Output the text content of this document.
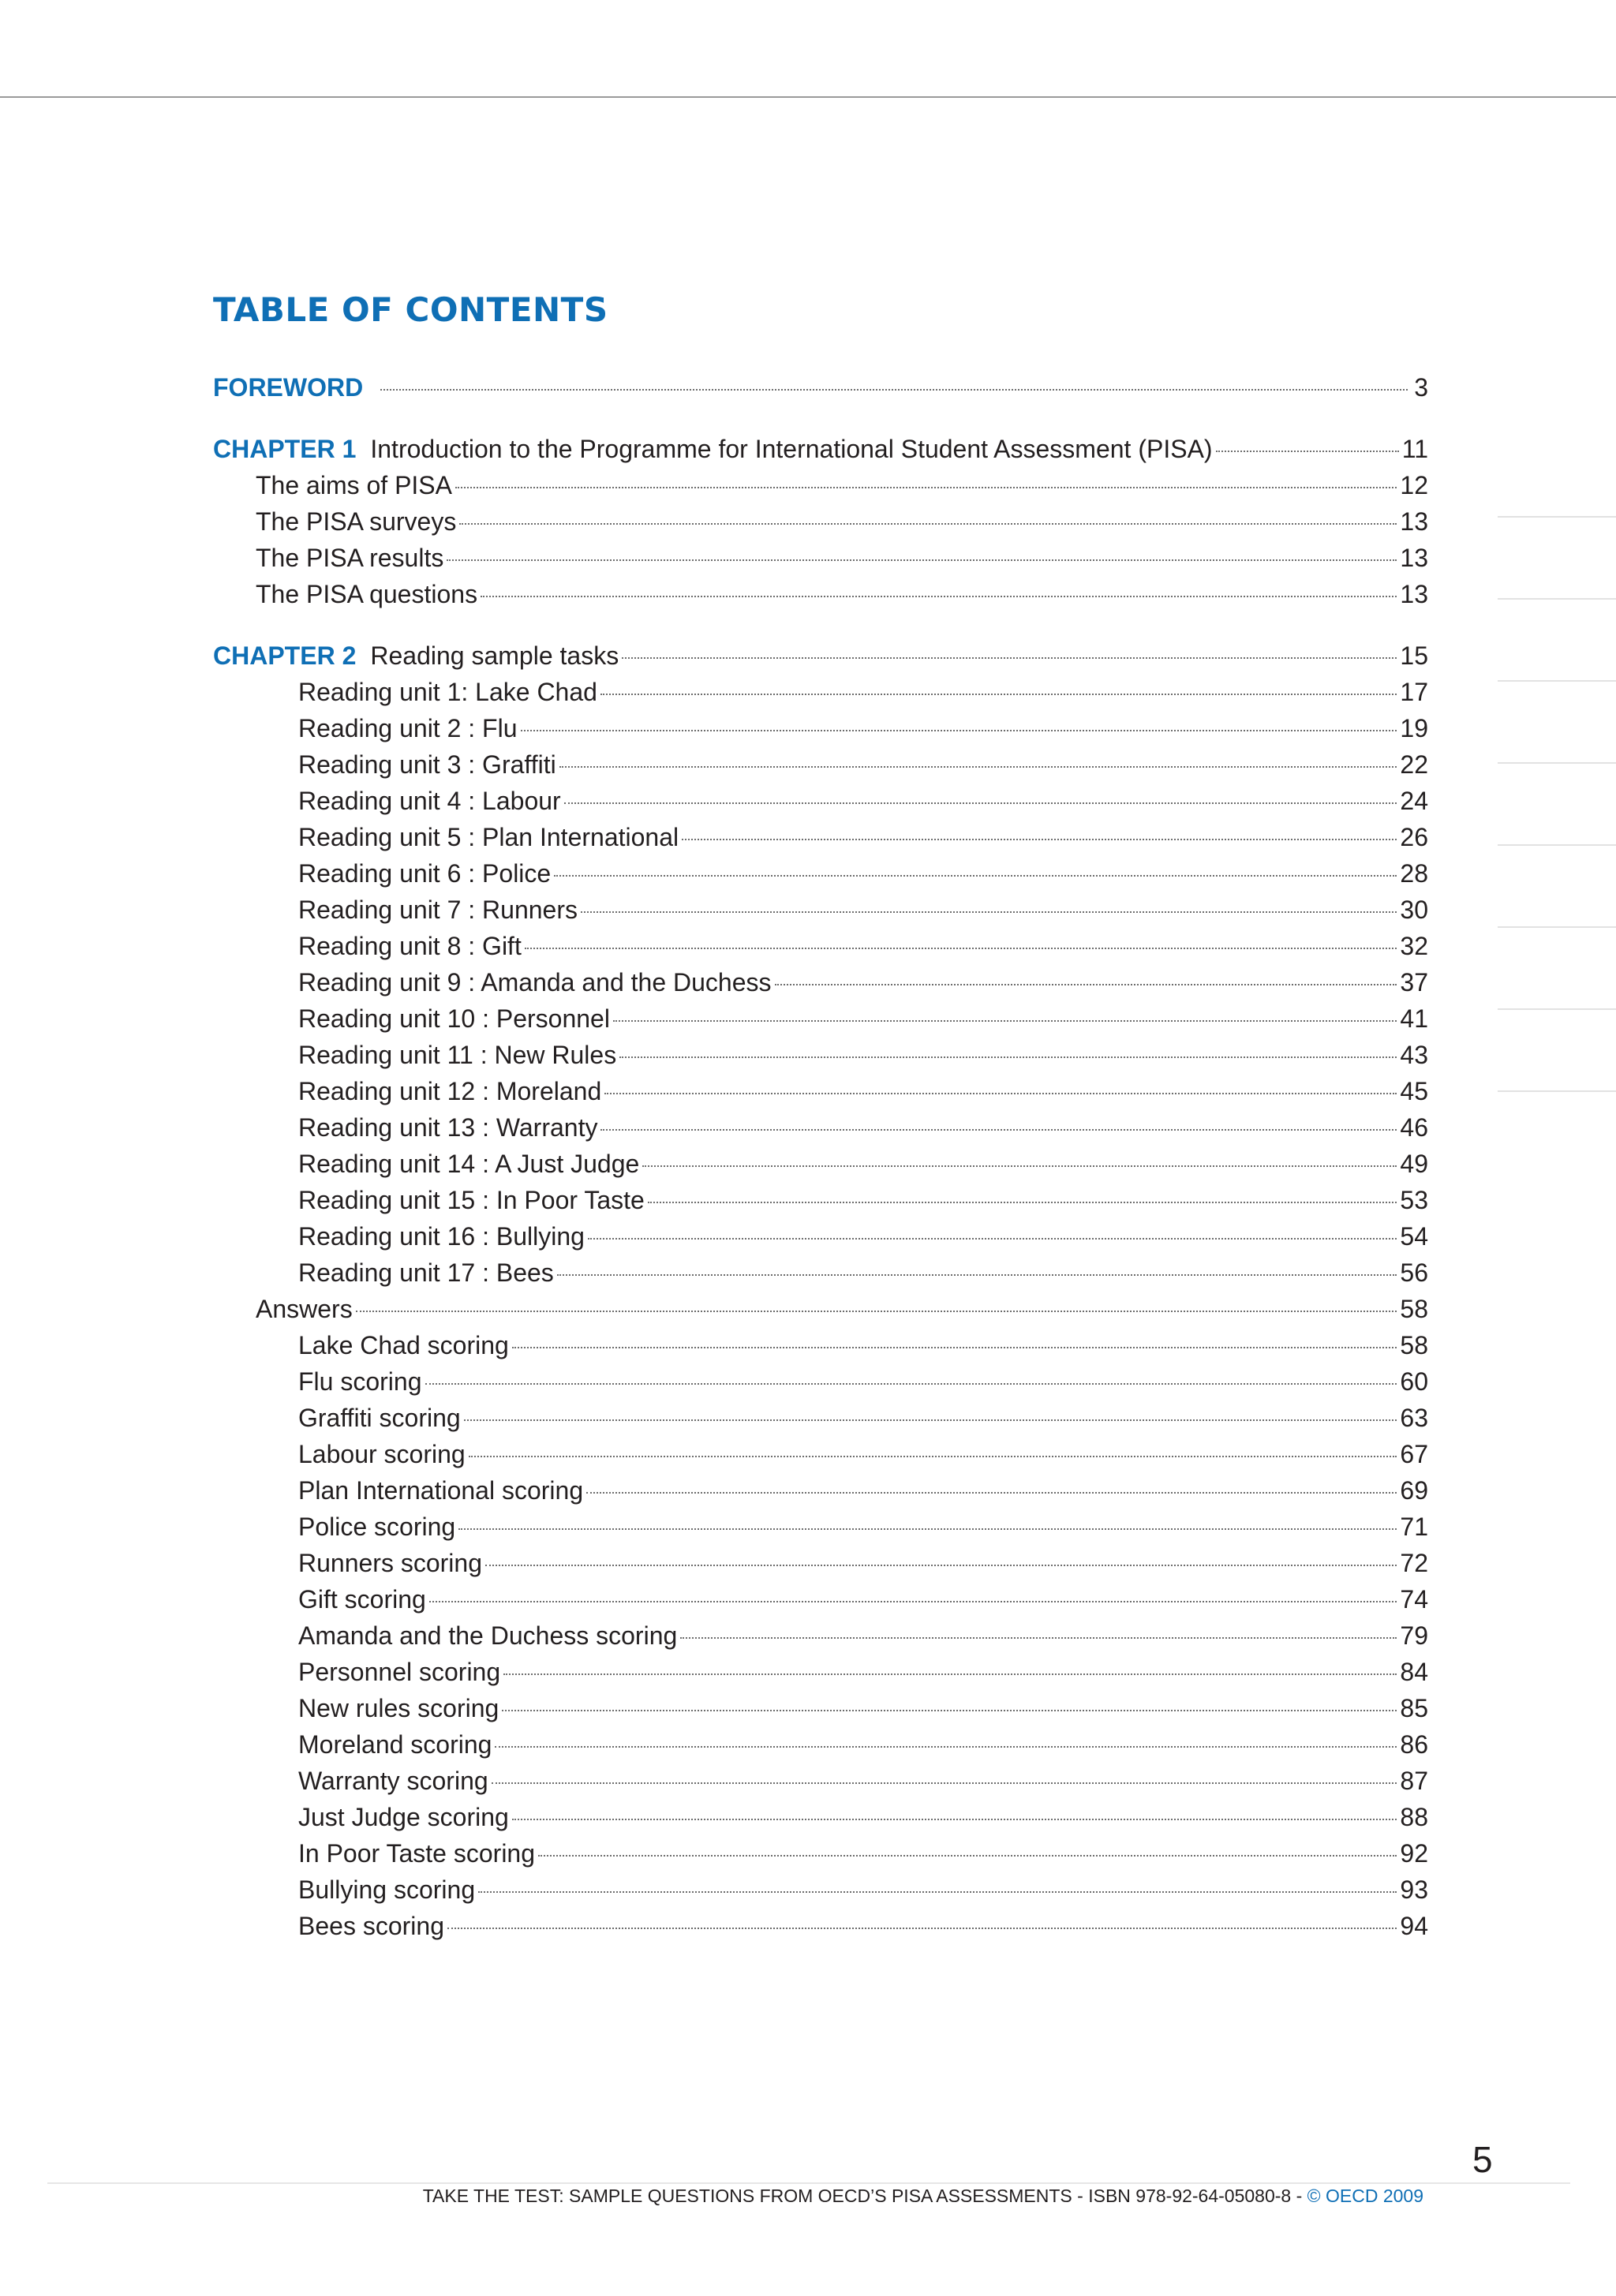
TABLE OF CONTENTS
FOREWORD	3
CHAPTER 1 Introduction to the Programme for International Student Assessment (PISA)	11
The aims of PISA	12
The PISA surveys	13
The PISA results	13
The PISA questions	13
CHAPTER 2 Reading sample tasks	15
Reading unit 1: Lake Chad	17
Reading unit 2 : Flu	19
Reading unit 3 : Graffiti	22
Reading unit 4 : Labour	24
Reading unit 5 : Plan International	26
Reading unit 6 : Police	28
Reading unit 7 : Runners	30
Reading unit 8 : Gift	32
Reading unit 9 : Amanda and the Duchess	37
Reading unit 10 : Personnel	41
Reading unit 11 : New Rules	43
Reading unit 12 : Moreland	45
Reading unit 13 : Warranty	46
Reading unit 14 : A Just Judge	49
Reading unit 15 : In Poor Taste	53
Reading unit 16 : Bullying	54
Reading unit 17 : Bees	56
Answers	58
Lake Chad scoring	58
Flu scoring	60
Graffiti scoring	63
Labour scoring	67
Plan International scoring	69
Police scoring	71
Runners scoring	72
Gift scoring	74
Amanda and the Duchess scoring	79
Personnel scoring	84
New rules scoring	85
Moreland scoring	86
Warranty scoring	87
Just Judge scoring	88
In Poor Taste scoring	92
Bullying scoring	93
Bees scoring	94
5
TAKE THE TEST: SAMPLE QUESTIONS FROM OECD’S PISA ASSESSMENTS - ISBN 978-92-64-05080-8 - © OECD 2009
